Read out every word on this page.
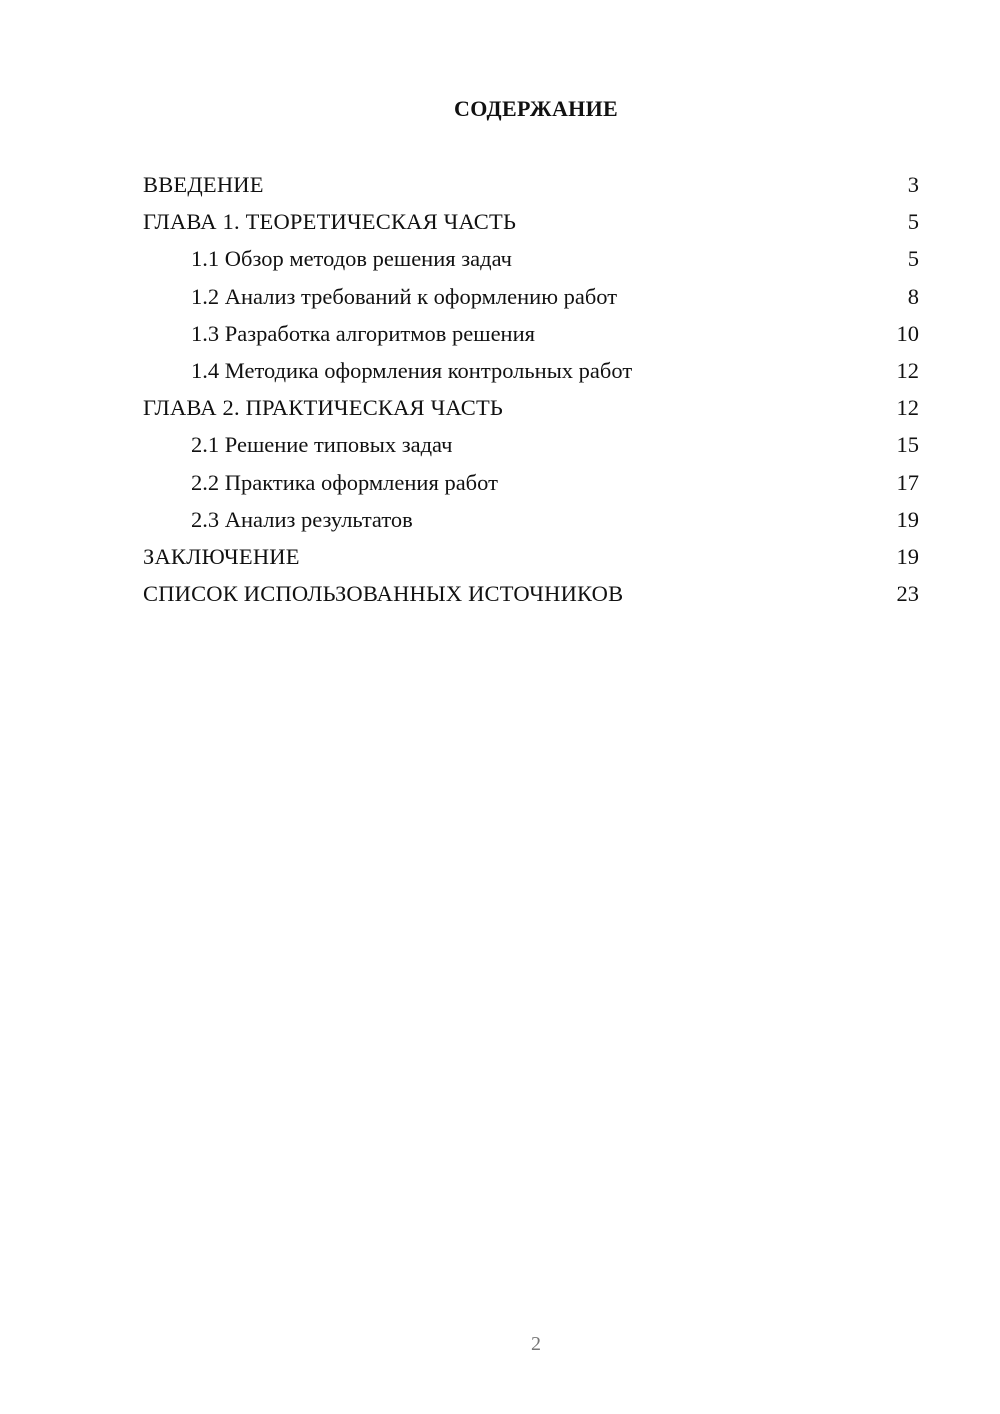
СОДЕРЖАНИЕ
ВВЕДЕНИЕ	3
ГЛАВА 1. ТЕОРЕТИЧЕСКАЯ ЧАСТЬ	5
1.1 Обзор методов решения задач	5
1.2 Анализ требований к оформлению работ	8
1.3 Разработка алгоритмов решения	10
1.4 Методика оформления контрольных работ	12
ГЛАВА 2. ПРАКТИЧЕСКАЯ ЧАСТЬ	12
2.1 Решение типовых задач	15
2.2 Практика оформления работ	17
2.3 Анализ результатов	19
ЗАКЛЮЧЕНИЕ	19
СПИСОК ИСПОЛЬЗОВАННЫХ ИСТОЧНИКОВ	23
2
